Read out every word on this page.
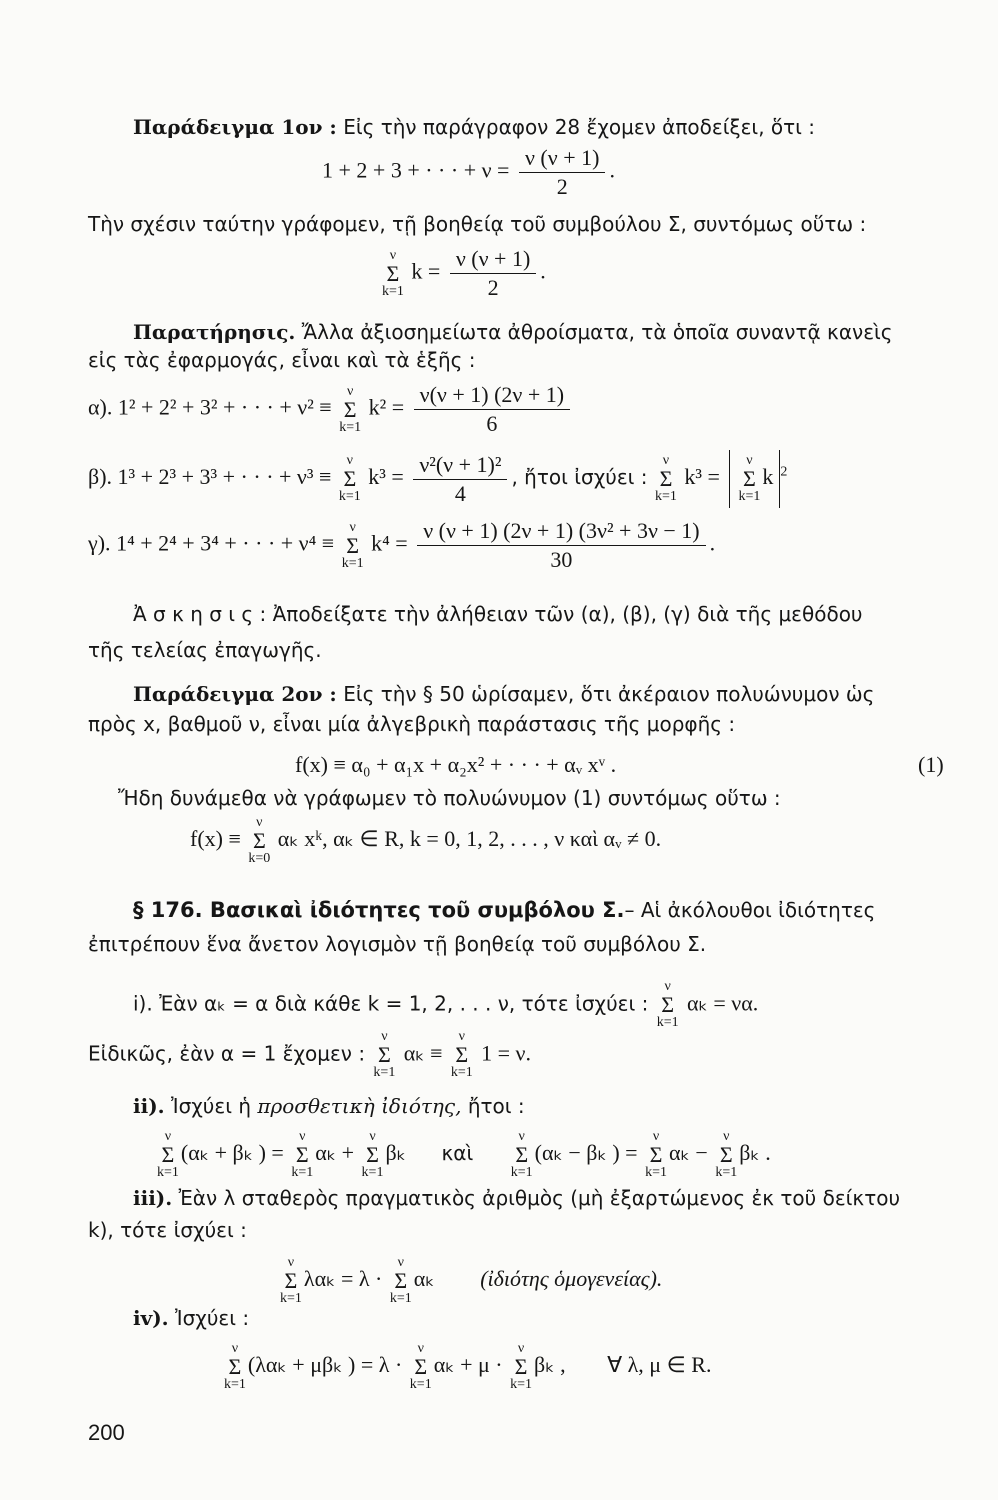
Παράδειγμα 1ον : Εἰς τὴν παράγραφον 28 ἔχομεν ἀποδείξει, ὅτι :
1 + 2 + 3 + · · · + $\nu = \frac{\nu (\nu + 1)}{2}$ .
Τὴν σχέσιν ταύτην γράφομεν, τῇ βοηθείᾳ τοῦ συμβούλου Σ, συντόμως οὕτω :
ν
Σ
k=1
$k = \frac{\nu (\nu + 1)}{2}$ .
Παρατήρησις. Ἄλλα ἀξιοσημείωτα ἀθροίσματα, τὰ ὁποῖα συναντᾷ κανεὶς
εἰς τὰς ἐφαρμογάς, εἶναι καὶ τὰ ἑξῆς :
α). 1² + 2² + 3² + · · · + ν² ≡
ν
Σ
k=1
$k^2 = \frac{\nu(\nu + 1) (2\nu + 1)}{6}$
β). 1³ + 2³ + 3³ + · · · + ν³ ≡
ν
Σ
k=1
$k^3 = \frac{\text{ν²(ν + 1)²}}{4}$ , ἤτοι ἰσχύει :
ν
Σ
k=1
k³ =
ν
Σ
k=1
$k^2$
γ). 1⁴ + 2⁴ + 3⁴ + · · · + ν⁴ ≡
ν
Σ
k=1
$k^4 = \frac{\text{ν (ν + 1) (2ν + 1) (3ν² + 3ν − 1)}}{30}$ .
Ἀ σ κ η σ ι ς : Ἀποδείξατε τὴν ἀλήθειαν τῶν (α), (β), (γ) διὰ τῆς μεθόδου
τῆς τελείας ἐπαγωγῆς.
Παράδειγμα 2ον : Εἰς τὴν § 50 ὡρίσαμεν, ὅτι ἀκέραιον πολυώνυμον ὡς
πρὸς x, βαθμοῦ ν, εἶναι μία ἀλγεβρικὴ παράστασις τῆς μορφῆς :
f(x) ≡ α₀ + α₁x + α₂x² + · · · + αᵥ xᵛ .	(1)
Ἤδη δυνάμεθα νὰ γράφωμεν τὸ πολυώνυμον (1) συντόμως οὕτω :
f(x) ≡
ν
Σ
k=0
αₖ xᵏ, αₖ ∈ R, k = 0, 1, 2, . . . , ν καὶ αᵥ ≠ 0.
§ 176. Βασικαὶ ἰδιότητες τοῦ συμβόλου Σ.– Αἱ ἀκόλουθοι ἰδιότητες
ἐπιτρέπουν ἕνα ἄνετον λογισμὸν τῇ βοηθείᾳ τοῦ συμβόλου Σ.
i). Ἐὰν αₖ = α διὰ κάθε k = 1, 2, . . . ν, τότε ἰσχύει :
ν
Σ
k=1
αₖ = να.
Εἰδικῶς, ἐὰν α = 1 ἔχομεν :
ν
Σ
k=1
αₖ ≡
ν
Σ
k=1
1 = ν.
ii). Ἰσχύει ἡ προσθετικὴ ἰδιότης, ἤτοι :
ν
Σ
k=1
(αₖ + βₖ ) =
ν
Σ
k=1
αₖ +
ν
Σ
k=1
βₖ καὶ
ν
Σ
k=1
(αₖ − βₖ ) =
ν
Σ
k=1
αₖ −
ν
Σ
k=1
βₖ .
iii). Ἐὰν λ σταθερὸς πραγματικὸς ἀριθμὸς (μὴ ἐξαρτώμενος ἐκ τοῦ δείκτου
k), τότε ἰσχύει :
ν
Σ
k=1
λαₖ = λ ·
ν
Σ
k=1
αₖ (ἰδιότης ὁμογενείας).
iv). Ἰσχύει :
ν
Σ
k=1
(λαₖ + μβₖ ) = λ ·
ν
Σ
k=1
αₖ + μ ·
ν
Σ
k=1
βₖ , ∀ λ, μ ∈ R.
200
